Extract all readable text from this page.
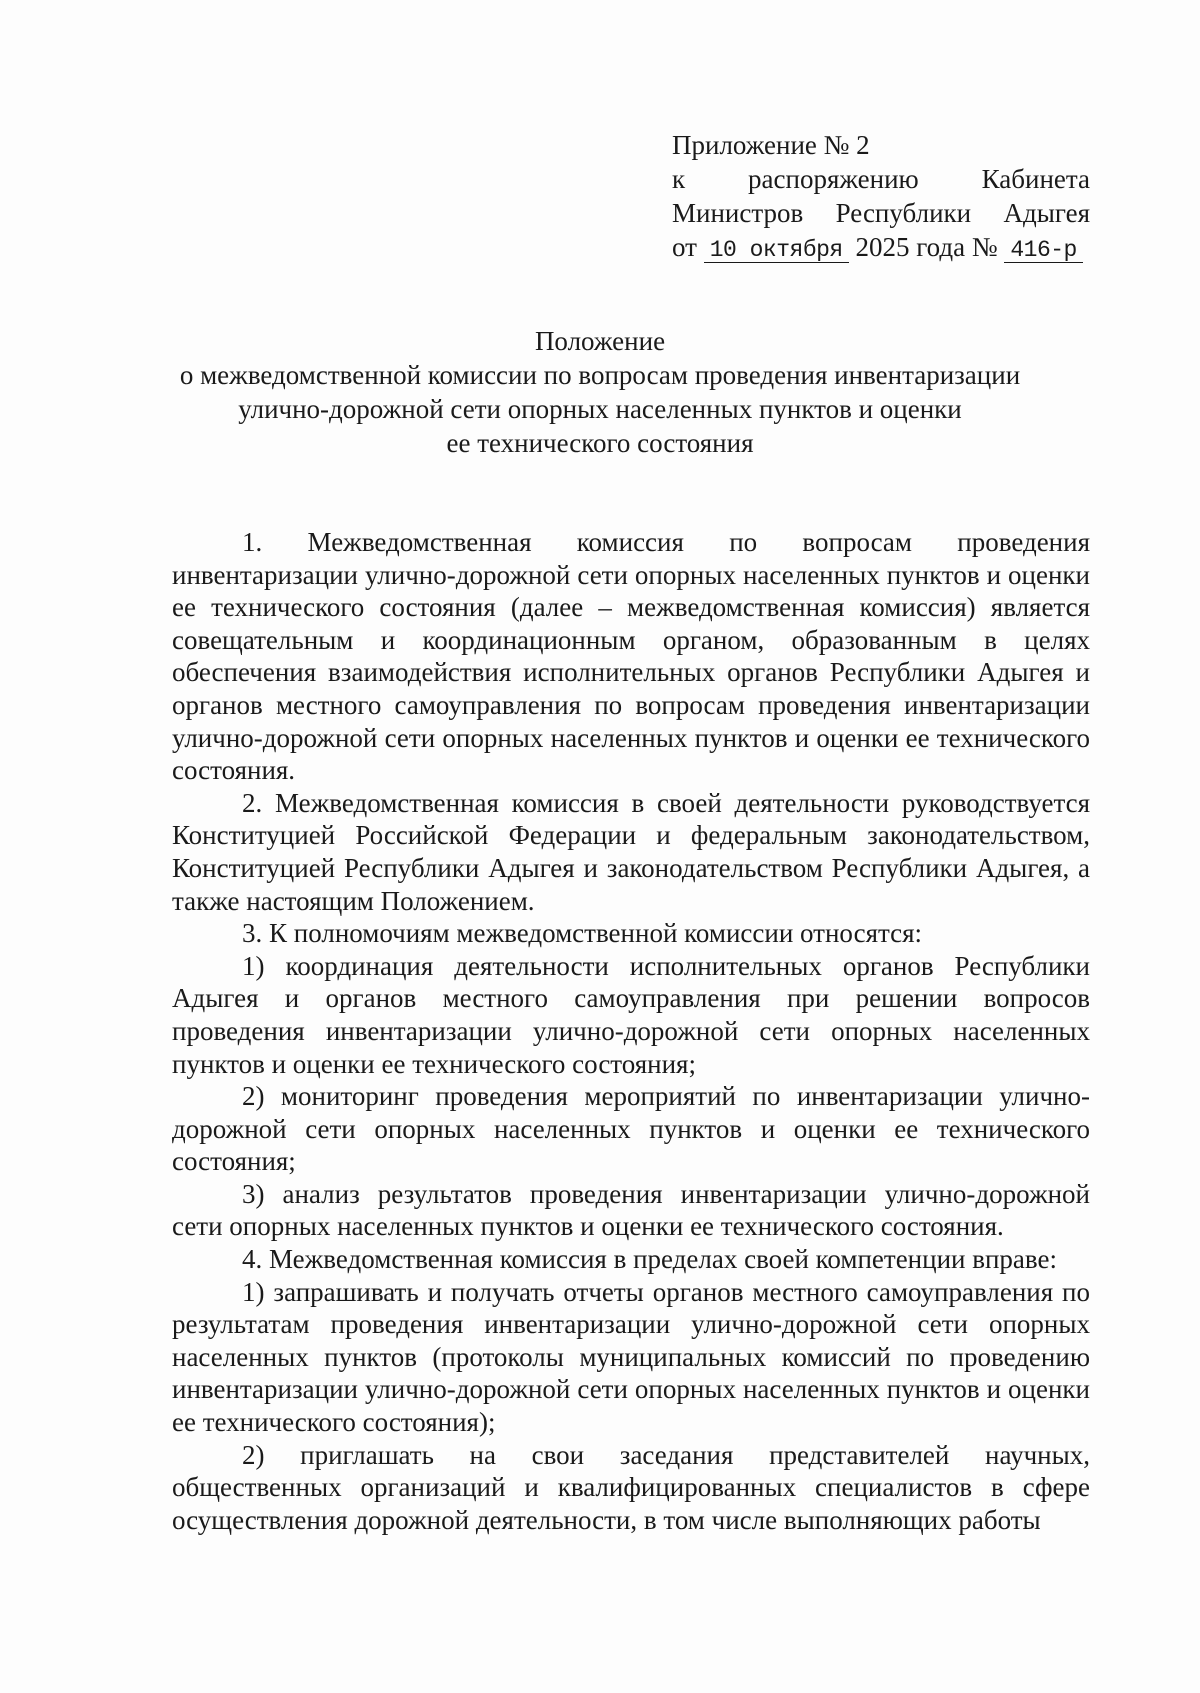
Приложение № 2
к распоряжению Кабинета
Министров Республики Адыгея
от 10 октября 2025 года № 416-р
Положение
о межведомственной комиссии по вопросам проведения инвентаризации
улично-дорожной сети опорных населенных пунктов и оценки
ее технического состояния

1. Межведомственная комиссия по вопросам проведения инвентаризации улично-дорожной сети опорных населенных пунктов и оценки ее технического состояния (далее – межведомственная комиссия) является совещательным и координационным органом, образованным в целях обеспечения взаимодействия исполнительных органов Республики Адыгея и органов местного самоуправления по вопросам проведения инвентаризации улично-дорожной сети опорных населенных пунктов и оценки ее технического состояния.

2. Межведомственная комиссия в своей деятельности руководствуется Конституцией Российской Федерации и федеральным законодательством, Конституцией Республики Адыгея и законодательством Республики Адыгея, а также настоящим Положением.

3. К полномочиям межведомственной комиссии относятся:

1) координация деятельности исполнительных органов Республики Адыгея и органов местного самоуправления при решении вопросов проведения инвентаризации улично-дорожной сети опорных населенных пунктов и оценки ее технического состояния;

2) мониторинг проведения мероприятий по инвентаризации улично-дорожной сети опорных населенных пунктов и оценки ее технического состояния;

3) анализ результатов проведения инвентаризации улично-дорожной сети опорных населенных пунктов и оценки ее технического состояния.

4. Межведомственная комиссия в пределах своей компетенции вправе:

1) запрашивать и получать отчеты органов местного самоуправления по результатам проведения инвентаризации улично-дорожной сети опорных населенных пунктов (протоколы муниципальных комиссий по проведению инвентаризации улично-дорожной сети опорных населенных пунктов и оценки ее технического состояния);

2) приглашать на свои заседания представителей научных, общественных организаций и квалифицированных специалистов в сфере осуществления дорожной деятельности, в том числе выполняющих работы
